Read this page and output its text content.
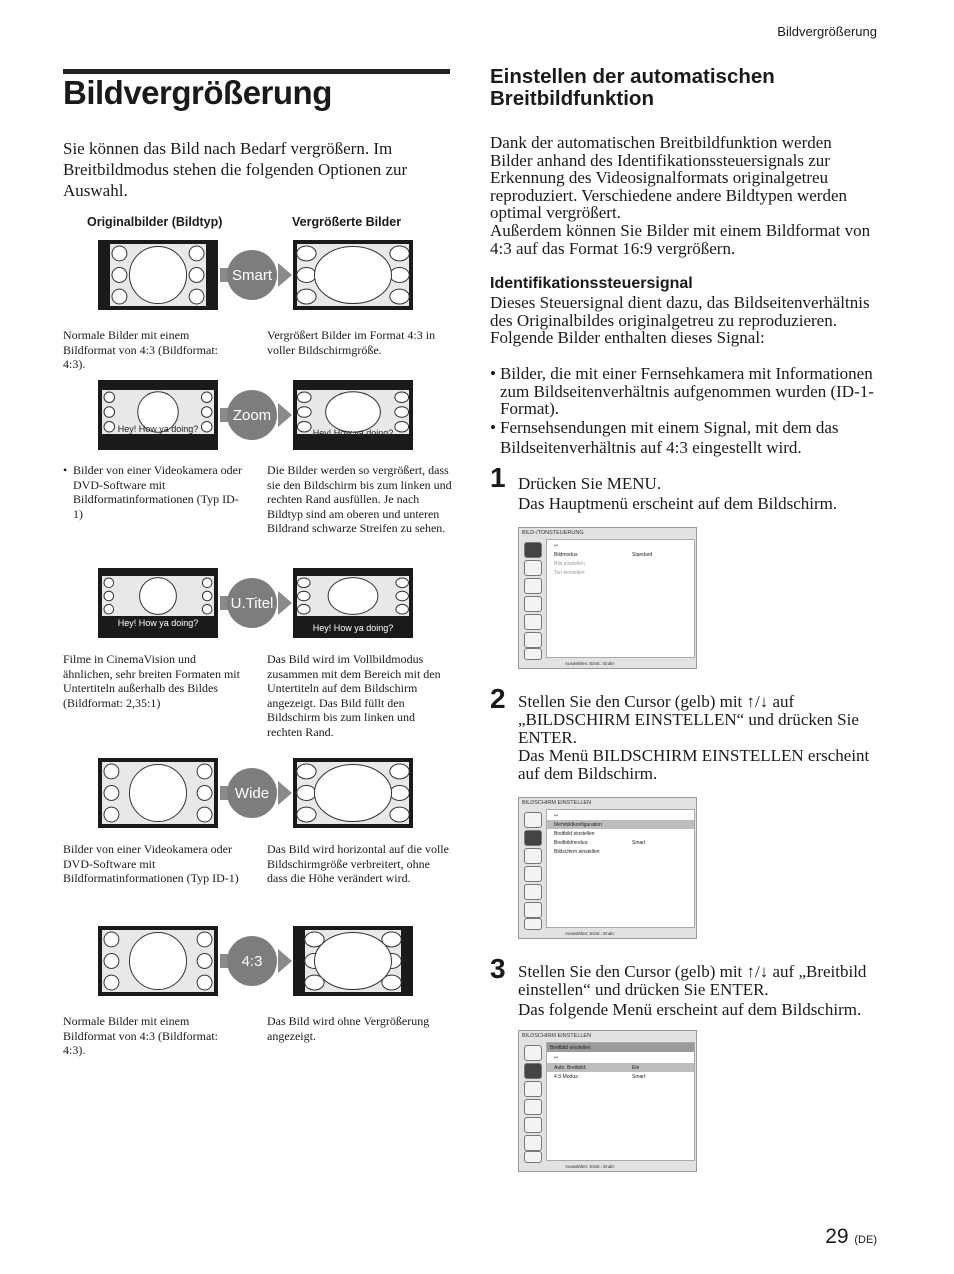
Bildvergrößerung
Bildvergrößerung
Sie können das Bild nach Bedarf vergrößern. Im Breitbildmodus stehen die folgenden Optionen zur Auswahl.
Originalbilder (Bildtyp)	Vergrößerte Bilder
Smart
Normale Bilder mit einem Bildformat von 4:3 (Bildformat: 4:3).
Vergrößert Bilder im Format 4:3 in voller Bildschirmgröße.
Hey! How ya doing?	Hey! How ya doing?
Zoom
• Bilder von einer Videokamera oder DVD-Software mit Bildformatinformationen (Typ ID-1)
Die Bilder werden so vergrößert, dass sie den Bildschirm bis zum linken und rechten Rand ausfüllen. Je nach Bildtyp sind am oberen und unteren Bildrand schwarze Streifen zu sehen.
Hey! How ya doing?	Hey! How ya doing?
U.Titel
Filme in CinemaVision und ähnlichen, sehr breiten Formaten mit Untertiteln außerhalb des Bildes (Bildformat: 2,35:1)
Das Bild wird im Vollbildmodus zusammen mit dem Bereich mit den Untertiteln auf dem Bildschirm angezeigt. Das Bild füllt den Bildschirm bis zum linken und rechten Rand.
Wide
Bilder von einer Videokamera oder DVD-Software mit Bildformatinformationen (Typ ID-1)
Das Bild wird horizontal auf die volle Bildschirmgröße verbreitert, ohne dass die Höhe verändert wird.
4:3
Normale Bilder mit einem Bildformat von 4:3 (Bildformat: 4:3).
Das Bild wird ohne Vergrößerung angezeigt.
Einstellen der automatischen Breitbildfunktion
Dank der automatischen Breitbildfunktion werden Bilder anhand des Identifikationssteuersignals zur Erkennung des Videosignalformats originalgetreu reproduziert. Verschiedene andere Bildtypen werden optimal vergrößert.
Außerdem können Sie Bilder mit einem Bildformat von 4:3 auf das Format 16:9 vergrößern.
Identifikationssteuersignal
Dieses Steuersignal dient dazu, das Bildseitenverhältnis des Originalbildes originalgetreu zu reproduzieren. Folgende Bilder enthalten dieses Signal:
• Bilder, die mit einer Fernsehkamera mit Informationen zum Bildseitenverhältnis aufgenommen wurden (ID-1-Format).
• Fernsehsendungen mit einem Signal, mit dem das Bildseitenverhältnis auf 4:3 eingestellt wird.
1 Drücken Sie MENU.
Das Hauptmenü erscheint auf dem Bildschirm.
BILD-/TONSTEUERUNG
↩
Bildmodus:	Standard
Bild einstellen
Ton einstellen
Auswählen: Einst.: Ende:
2 Stellen Sie den Cursor (gelb) mit ↑/↓ auf „BILDSCHIRM EINSTELLEN“ und drücken Sie ENTER.
Das Menü BILDSCHIRM EINSTELLEN erscheint auf dem Bildschirm.
BILDSCHIRM EINSTELLEN
↩
Mehrbildkonfiguration
Breitbild einstellen
Breitbildmodus:	Smart
Bildschirm einstellen
Auswählen: Einst.: Ende:
3 Stellen Sie den Cursor (gelb) mit ↑/↓ auf „Breitbild einstellen“ und drücken Sie ENTER.
Das folgende Menü erscheint auf dem Bildschirm.
BILDSCHIRM EINSTELLEN
Breitbild einstellen
↩
Auto. Breitbild:	Ein
4:3-Modus:	Smart
Auswählen: Einst.: Ende:
29 (DE)
